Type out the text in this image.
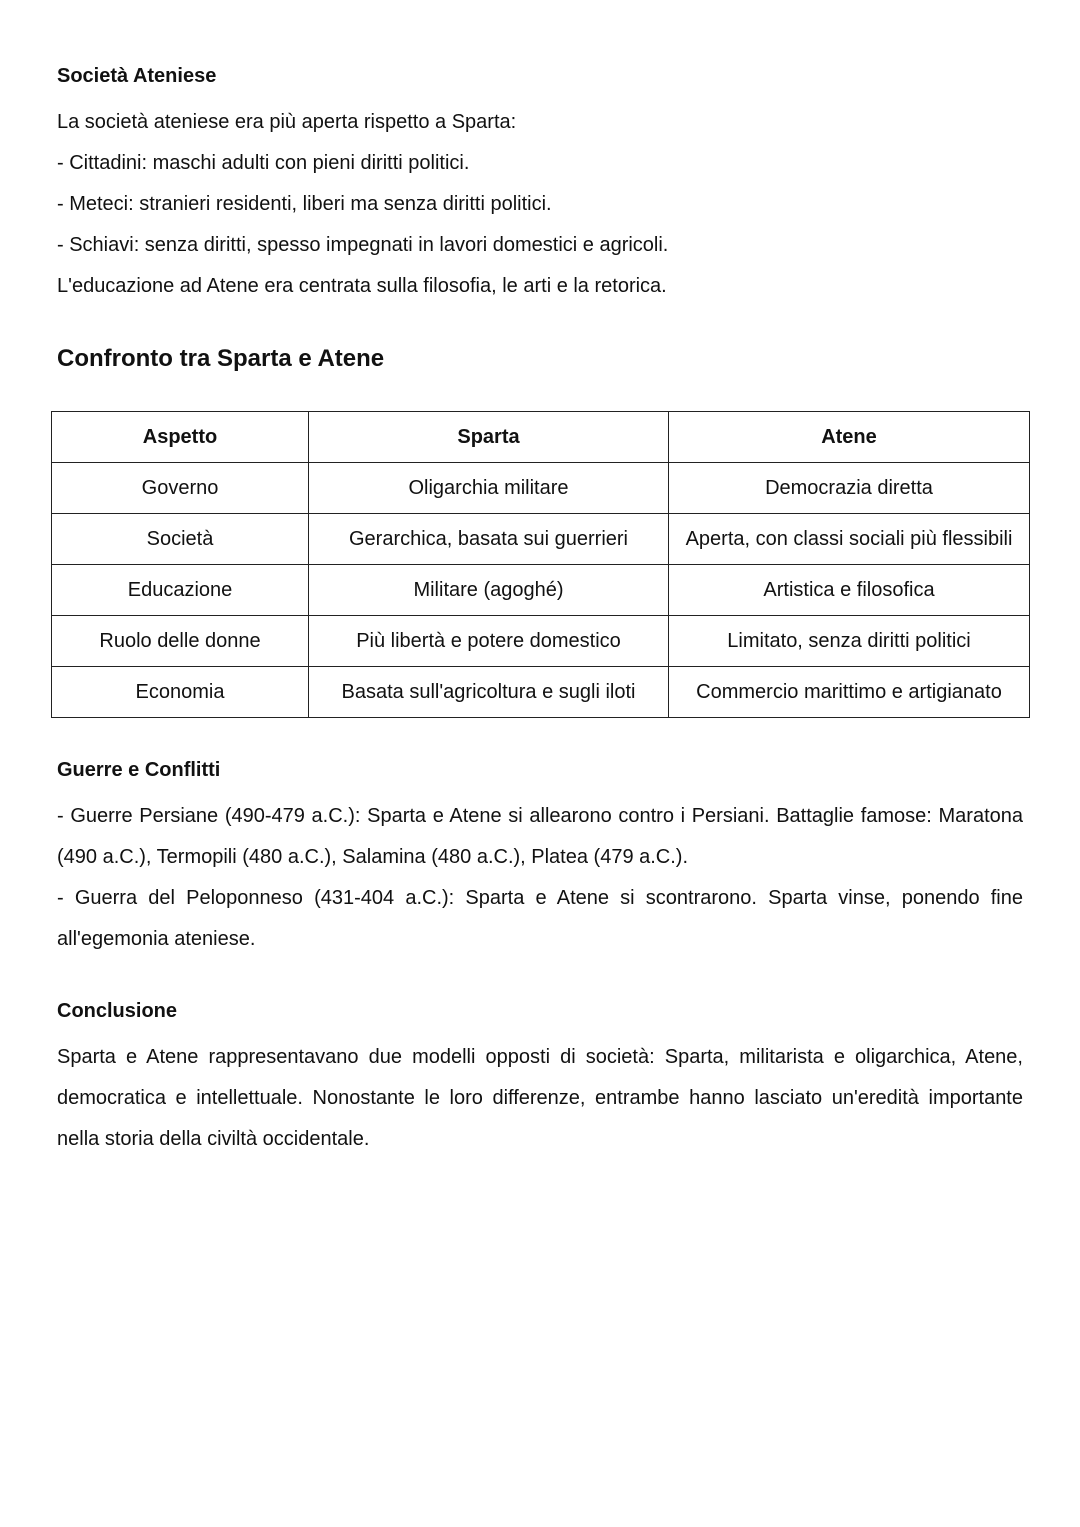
Società Ateniese

La società ateniese era più aperta rispetto a Sparta:

- Cittadini: maschi adulti con pieni diritti politici.

- Meteci: stranieri residenti, liberi ma senza diritti politici.

- Schiavi: senza diritti, spesso impegnati in lavori domestici e agricoli.

L'educazione ad Atene era centrata sulla filosofia, le arti e la retorica.

Confronto tra Sparta e Atene
Aspetto	Sparta	Atene
Governo	Oligarchia militare	Democrazia diretta
Società	Gerarchica, basata sui guerrieri	Aperta, con classi sociali più flessibili
Educazione	Militare (agoghé)	Artistica e filosofica
Ruolo delle donne	Più libertà e potere domestico	Limitato, senza diritti politici
Economia	Basata sull'agricoltura e sugli iloti	Commercio marittimo e artigianato
Guerre e Conflitti

- Guerre Persiane (490-479 a.C.): Sparta e Atene si allearono contro i Persiani. Battaglie famose: Maratona (490 a.C.), Termopili (480 a.C.), Salamina (480 a.C.), Platea (479 a.C.).

- Guerra del Peloponneso (431-404 a.C.): Sparta e Atene si scontrarono. Sparta vinse, ponendo fine all'egemonia ateniese.

Conclusione

Sparta e Atene rappresentavano due modelli opposti di società: Sparta, militarista e oligarchica, Atene, democratica e intellettuale. Nonostante le loro differenze, entrambe hanno lasciato un'eredità importante nella storia della civiltà occidentale.
